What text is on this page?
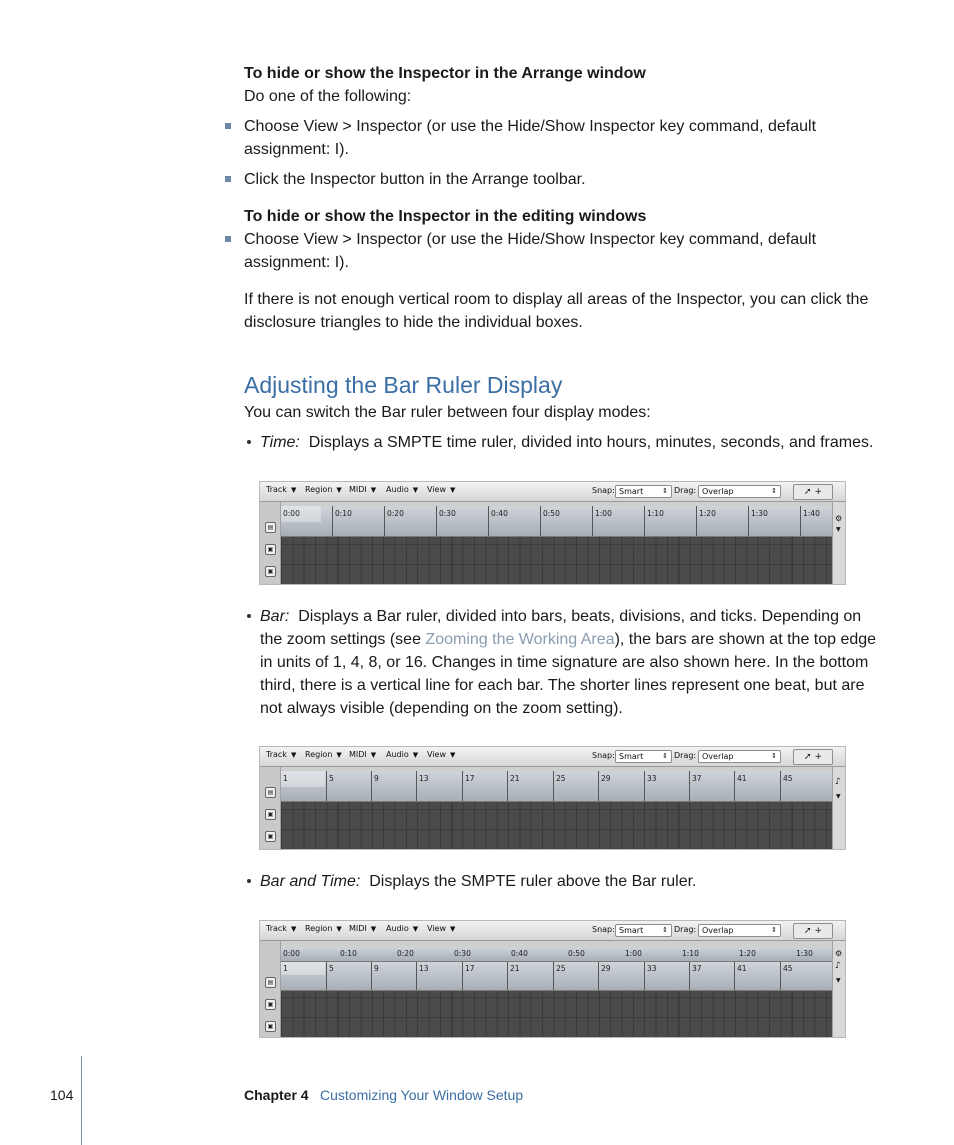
To hide or show the Inspector in the Arrange window
Do one of the following:
Choose View > Inspector (or use the Hide/Show Inspector key command, default
assignment: I).
Click the Inspector button in the Arrange toolbar.
To hide or show the Inspector in the editing windows
Choose View > Inspector (or use the Hide/Show Inspector key command, default
assignment: I).
If there is not enough vertical room to display all areas of the Inspector, you can click the
disclosure triangles to hide the individual boxes.
Adjusting the Bar Ruler Display
You can switch the Bar ruler between four display modes:
Time: Displays a SMPTE time ruler, divided into hours, minutes, seconds, and frames.
Track ▼ Region ▼ MIDI ▼ Audio ▼ View ▼	Snap: Smart	⇕ Drag: Overlap	⇕	➚ +
▤
▣
▣
⚙
▼
0:00	0:10	0:20	0:30	0:40	0:50	1:00	1:10	1:20	1:30	1:40
Bar: Displays a Bar ruler, divided into bars, beats, divisions, and ticks. Depending on
the zoom settings (see Zooming the Working Area), the bars are shown at the top edge
in units of 1, 4, 8, or 16. Changes in time signature are also shown here. In the bottom
third, there is a vertical line for each bar. The shorter lines represent one beat, but are
not always visible (depending on the zoom setting).
Track ▼ Region ▼ MIDI ▼ Audio ▼ View ▼	Snap: Smart	⇕ Drag: Overlap	⇕	➚ +
▤
▣
▣
♪
▼
1	5	9	13	17	21	25	29	33	37	41	45
Bar and Time: Displays the SMPTE ruler above the Bar ruler.
Track ▼ Region ▼ MIDI ▼ Audio ▼ View ▼	Snap: Smart	⇕ Drag: Overlap	⇕	➚ +
▤
▣
▣
⚙
♪
▼
0:00	0:10	0:20	0:30	0:40	0:50	1:00	1:10	1:20	1:30
1	5	9	13	17	21	25	29	33	37	41	45
104	Chapter 4 Customizing Your Window Setup
